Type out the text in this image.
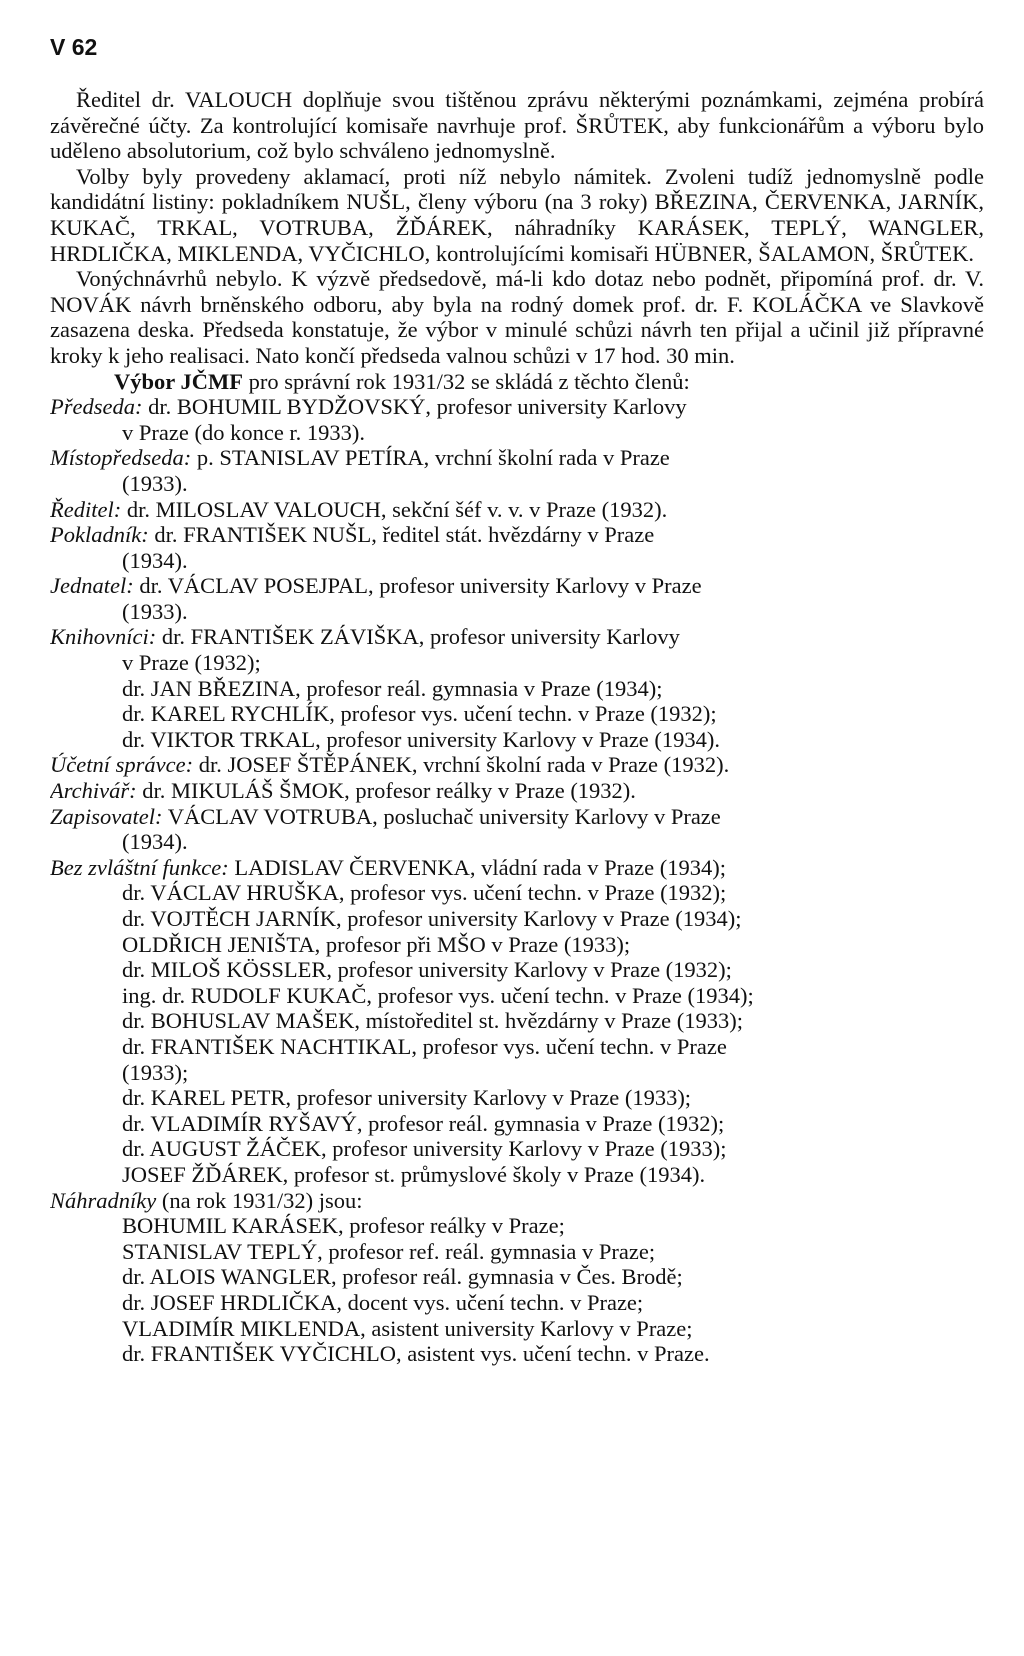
V 62

Ředitel dr. VALOUCH doplňuje svou tištěnou zprávu některými poznámkami, zejména probírá závěrečné účty. Za kontrolující komisaře navrhuje prof. ŠRŮTEK, aby funkcionářům a výboru bylo uděleno absolutorium, což bylo schváleno jednomyslně.

Volby byly provedeny aklamací, proti níž nebylo námitek. Zvoleni tudíž jednomyslně podle kandidátní listiny: pokladníkem NUŠL, členy výboru (na 3 roky) BŘEZINA, ČERVENKA, JARNÍK, KUKAČ, TRKAL, VOTRUBA, ŽĎÁREK, náhradníky KARÁSEK, TEPLÝ, WANGLER, HRDLIČKA, MIKLENDA, VYČICHLO, kontrolujícími komisaři HÜBNER, ŠALAMON, ŠRŮTEK.

Vonýchnávrhů nebylo. K výzvě předsedově, má-li kdo dotaz nebo podnět, připomíná prof. dr. V. NOVÁK návrh brněnského odboru, aby byla na rodný domek prof. dr. F. KOLÁČKA ve Slavkově zasazena deska. Předseda konstatuje, že výbor v minulé schůzi návrh ten přijal a učinil již přípravné kroky k jeho realisaci. Nato končí předseda valnou schůzi v 17 hod. 30 min.

Výbor JČMF pro správní rok 1931/32 se skládá z těchto členů:
Předseda: dr. BOHUMIL BYDŽOVSKÝ, profesor university Karlovy
v Praze (do konce r. 1933).
Místopředseda: p. STANISLAV PETÍRA, vrchní školní rada v Praze
(1933).
Ředitel: dr. MILOSLAV VALOUCH, sekční šéf v. v. v Praze (1932).
Pokladník: dr. FRANTIŠEK NUŠL, ředitel stát. hvězdárny v Praze
(1934).
Jednatel: dr. VÁCLAV POSEJPAL, profesor university Karlovy v Praze
(1933).
Knihovníci: dr. FRANTIŠEK ZÁVIŠKA, profesor university Karlovy
v Praze (1932);
dr. JAN BŘEZINA, profesor reál. gymnasia v Praze (1934);
dr. KAREL RYCHLÍK, profesor vys. učení techn. v Praze (1932);
dr. VIKTOR TRKAL, profesor university Karlovy v Praze (1934).
Účetní správce: dr. JOSEF ŠTĚPÁNEK, vrchní školní rada v Praze (1932).
Archivář: dr. MIKULÁŠ ŠMOK, profesor reálky v Praze (1932).
Zapisovatel: VÁCLAV VOTRUBA, posluchač university Karlovy v Praze
(1934).
Bez zvláštní funkce: LADISLAV ČERVENKA, vládní rada v Praze (1934);
dr. VÁCLAV HRUŠKA, profesor vys. učení techn. v Praze (1932);
dr. VOJTĚCH JARNÍK, profesor university Karlovy v Praze (1934);
OLDŘICH JENIŠTA, profesor při MŠO v Praze (1933);
dr. MILOŠ KÖSSLER, profesor university Karlovy v Praze (1932);
ing. dr. RUDOLF KUKAČ, profesor vys. učení techn. v Praze (1934);
dr. BOHUSLAV MAŠEK, místoředitel st. hvězdárny v Praze (1933);
dr. FRANTIŠEK NACHTIKAL, profesor vys. učení techn. v Praze
(1933);
dr. KAREL PETR, profesor university Karlovy v Praze (1933);
dr. VLADIMÍR RYŠAVÝ, profesor reál. gymnasia v Praze (1932);
dr. AUGUST ŽÁČEK, profesor university Karlovy v Praze (1933);
JOSEF ŽĎÁREK, profesor st. průmyslové školy v Praze (1934).
Náhradníky (na rok 1931/32) jsou:
BOHUMIL KARÁSEK, profesor reálky v Praze;
STANISLAV TEPLÝ, profesor ref. reál. gymnasia v Praze;
dr. ALOIS WANGLER, profesor reál. gymnasia v Čes. Brodě;
dr. JOSEF HRDLIČKA, docent vys. učení techn. v Praze;
VLADIMÍR MIKLENDA, asistent university Karlovy v Praze;
dr. FRANTIŠEK VYČICHLO, asistent vys. učení techn. v Praze.
